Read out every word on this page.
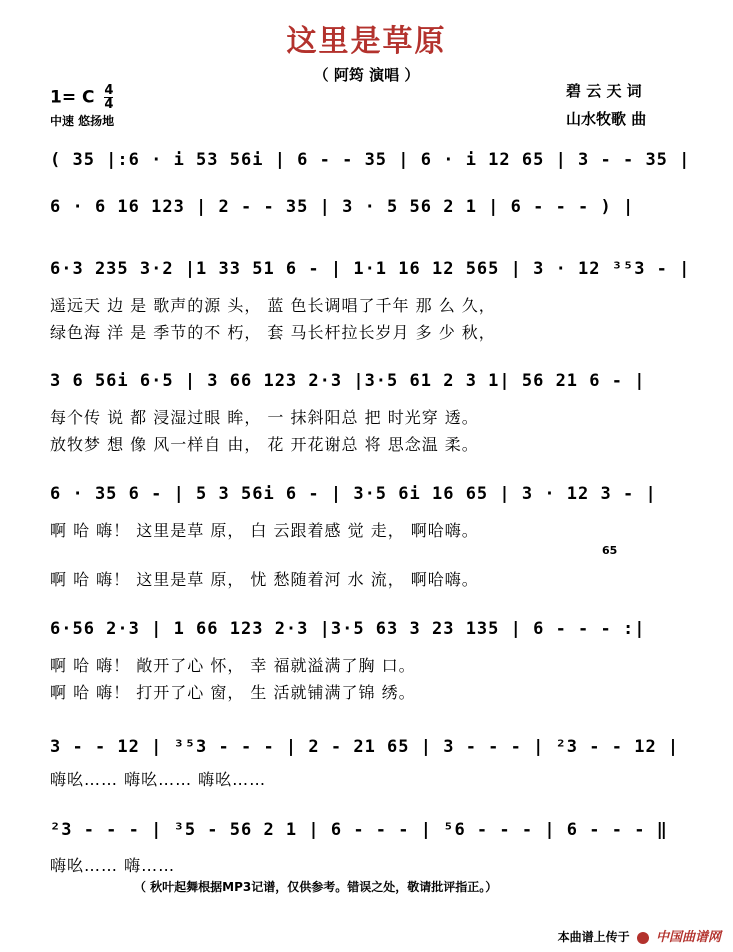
这里是草原
（ 阿筠 演唱 ）
碧 云 天 词
山水牧歌 曲
1= C $\frac{4}{4}$
中速 悠扬地
( 35 |:6 · i 53 56i | 6 - - 35 | 6 · i 12 65 | 3 - - 35 |
6 · 6 16 123 | 2 - - 35 | 3 · 5 56 2 1 | 6 - - - ) |
6·3 235 3·2 |1 33 51 6 - | 1·1 16 12 565 | 3 · 12 ³⁵3 - |
遥远天 边 是 歌声的源 头， 蓝 色长调唱了千年 那 么 久，
绿色海 洋 是 季节的不 朽， 套 马长杆拉长岁月 多 少 秋，
3 6 56i 6·5 | 3 66 123 2·3 |3·5 61 2 3 1| 56 21 6 - |
每个传 说 都 浸湿过眼 眸， 一 抹斜阳总 把 时光穿 透。
放牧梦 想 像 风一样自 由， 花 开花谢总 将 思念温 柔。
6 · 35 6 - | 5 3 56i 6 - | 3·5 6i 16 65 | 3 · 12 3 - |
啊 哈 嗨！ 这里是草 原， 白 云跟着感 觉 走， 啊哈嗨。
65
啊 哈 嗨！ 这里是草 原， 忧 愁随着河 水 流， 啊哈嗨。
6·56 2·3 | 1 66 123 2·3 |3·5 63 3 23 135 | 6 - - - :|
啊 哈 嗨！ 敞开了心 怀， 幸 福就溢满了胸 口。
啊 哈 嗨！ 打开了心 窗， 生 活就铺满了锦 绣。
3 - - 12 | ³⁵3 - - - | 2 - 21 65 | 3 - - - | ²3 - - 12 |
嗨吆…… 嗨吆…… 嗨吆……
²3 - - - | ³5 - 56 2 1 | 6 - - - | ⁵6 - - - | 6 - - - ‖
嗨吆…… 嗨……
（ 秋叶起舞根据MP3记谱，仅供参考。错误之处，敬请批评指正。）
本曲谱上传于 中国曲谱网
